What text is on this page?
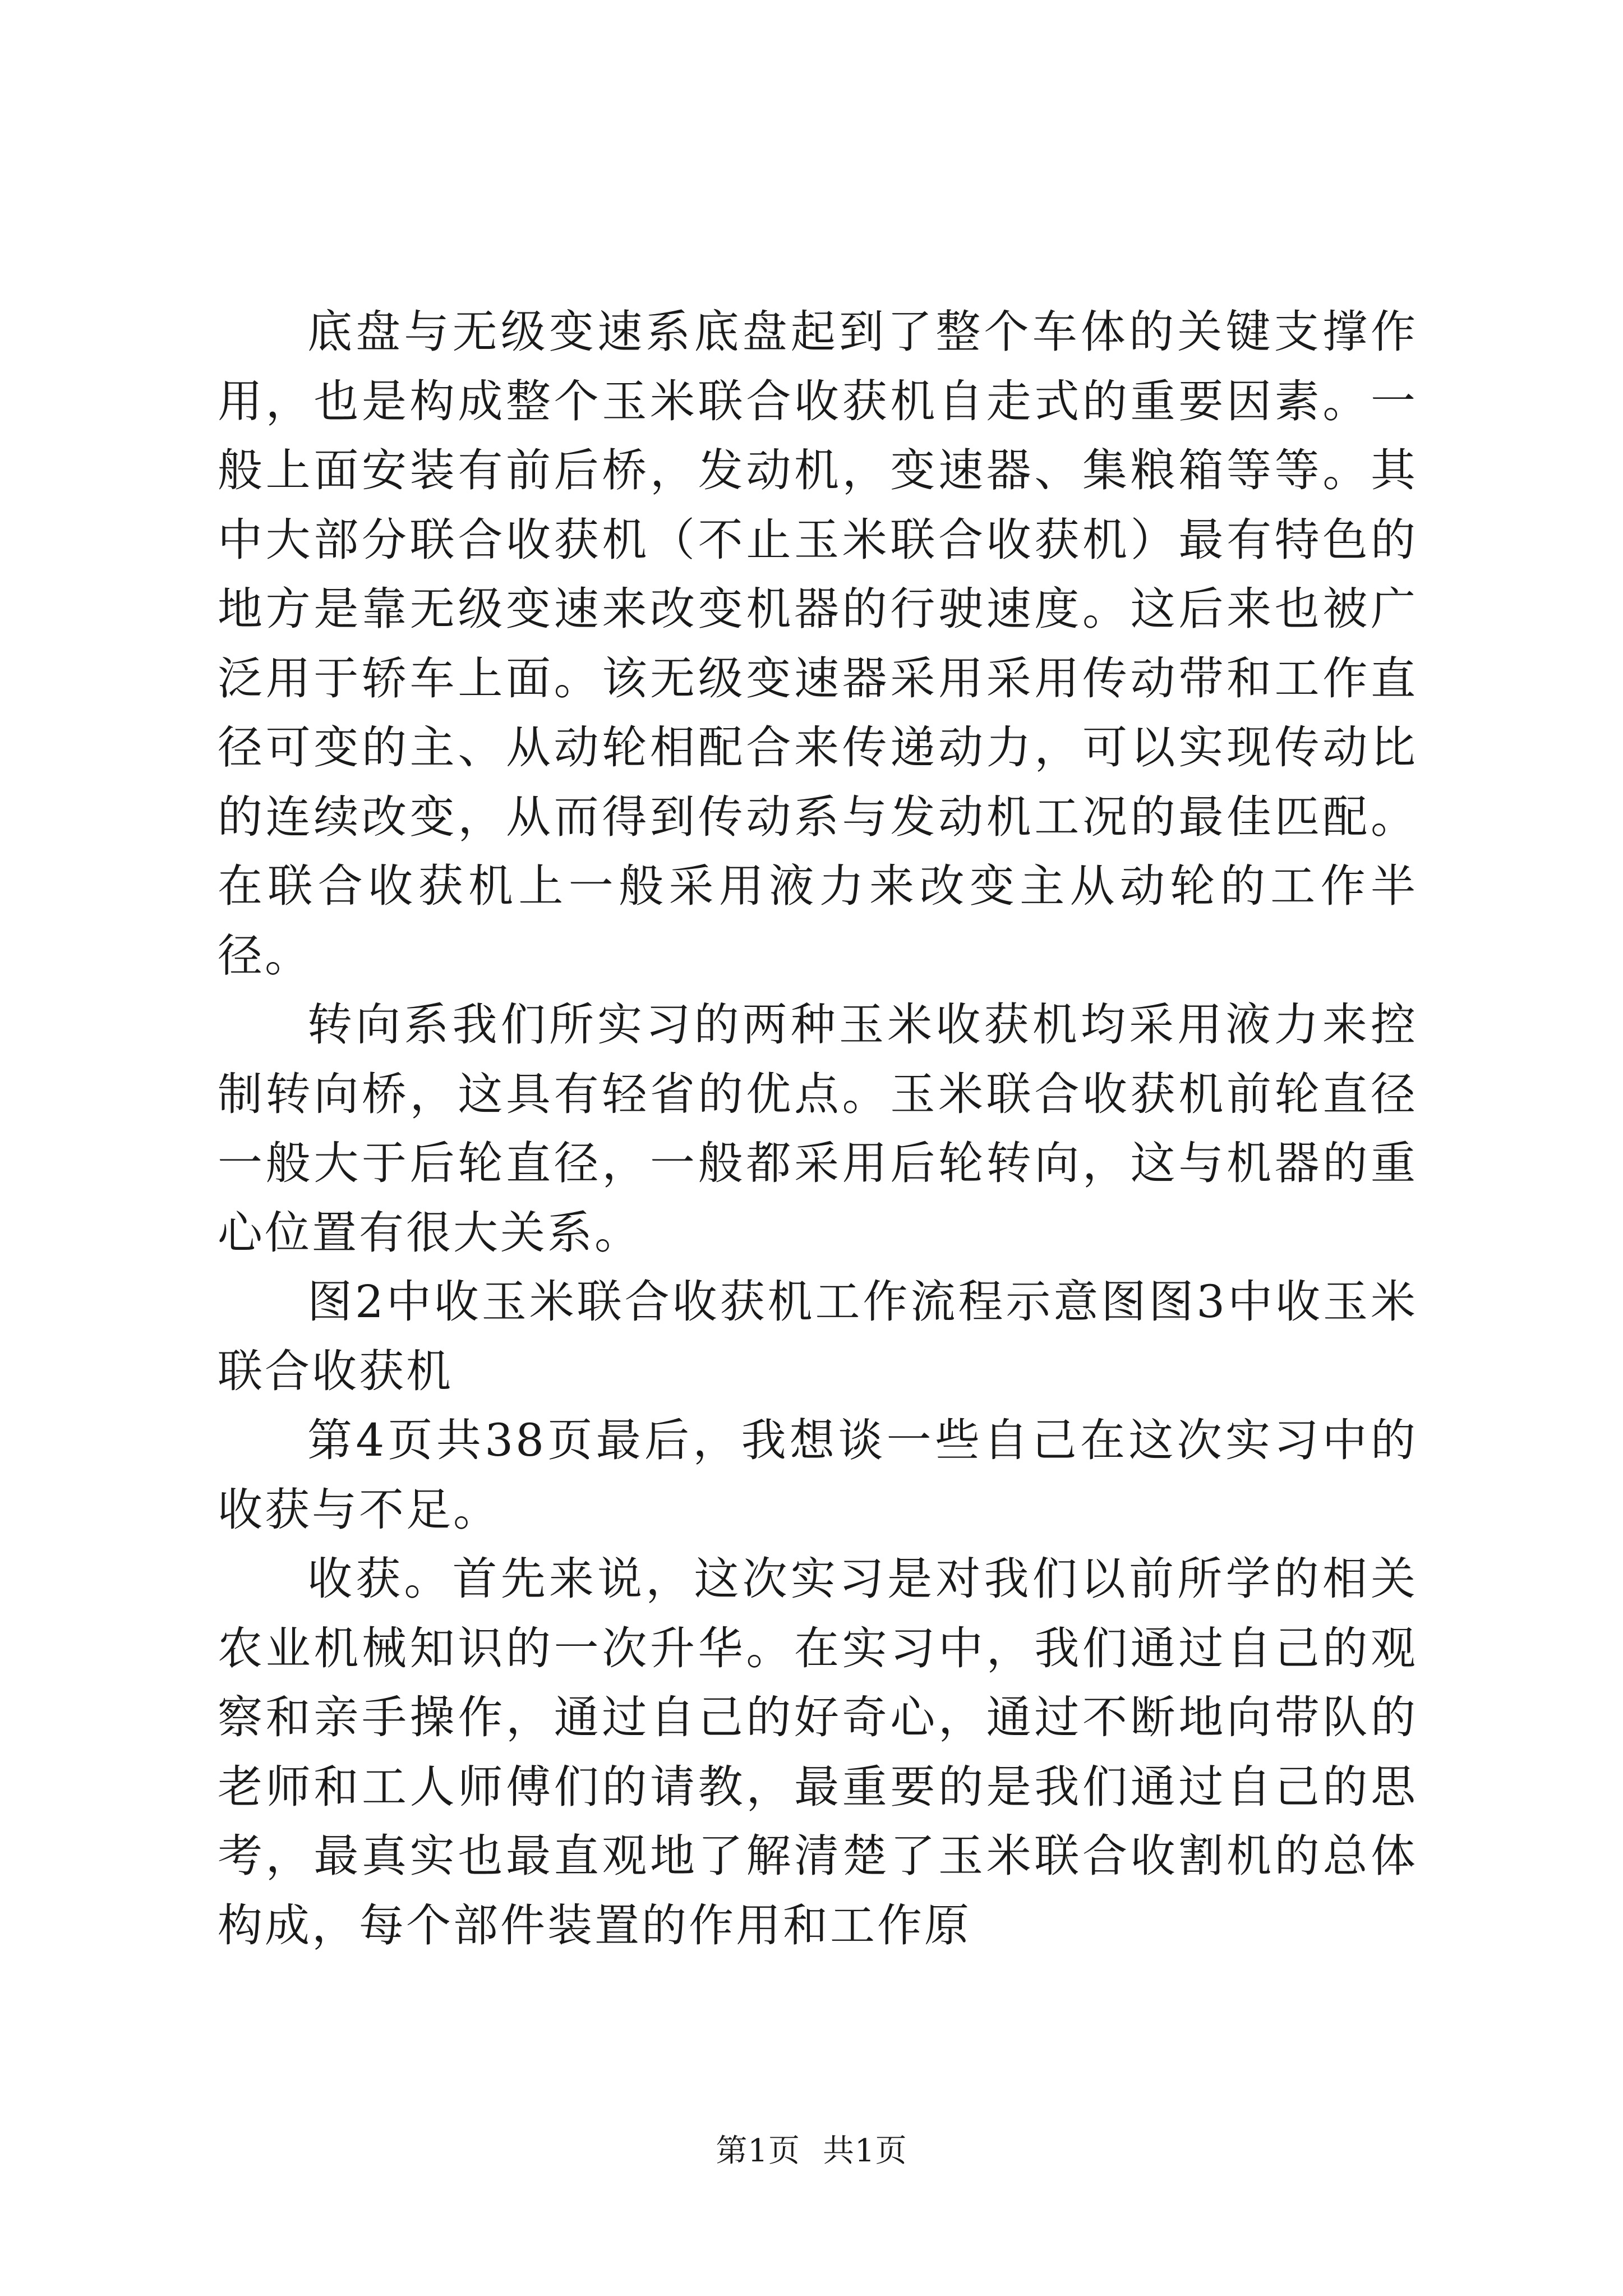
底盘与无级变速系底盘起到了整个车体的关键支撑作用，也是构成整个玉米联合收获机自走式的重要因素。一般上面安装有前后桥，发动机，变速器、集粮箱等等。其中大部分联合收获机（不止玉米联合收获机）最有特色的地方是靠无级变速来改变机器的行驶速度。这后来也被广泛用于轿车上面。该无级变速器采用采用传动带和工作直径可变的主、从动轮相配合来传递动力，可以实现传动比的连续改变，从而得到传动系与发动机工况的最佳匹配。在联合收获机上一般采用液力来改变主从动轮的工作半径。

转向系我们所实习的两种玉米收获机均采用液力来控制转向桥，这具有轻省的优点。玉米联合收获机前轮直径一般大于后轮直径，一般都采用后轮转向，这与机器的重心位置有很大关系。

图2中收玉米联合收获机工作流程示意图图3中收玉米联合收获机

第4页共38页最后，我想谈一些自己在这次实习中的收获与不足。

收获。首先来说，这次实习是对我们以前所学的相关农业机械知识的一次升华。在实习中，我们通过自己的观察和亲手操作，通过自己的好奇心，通过不断地向带队的老师和工人师傅们的请教，最重要的是我们通过自己的思考，最真实也最直观地了解清楚了玉米联合收割机的总体构成，每个部件装置的作用和工作原

第1页 共1页
